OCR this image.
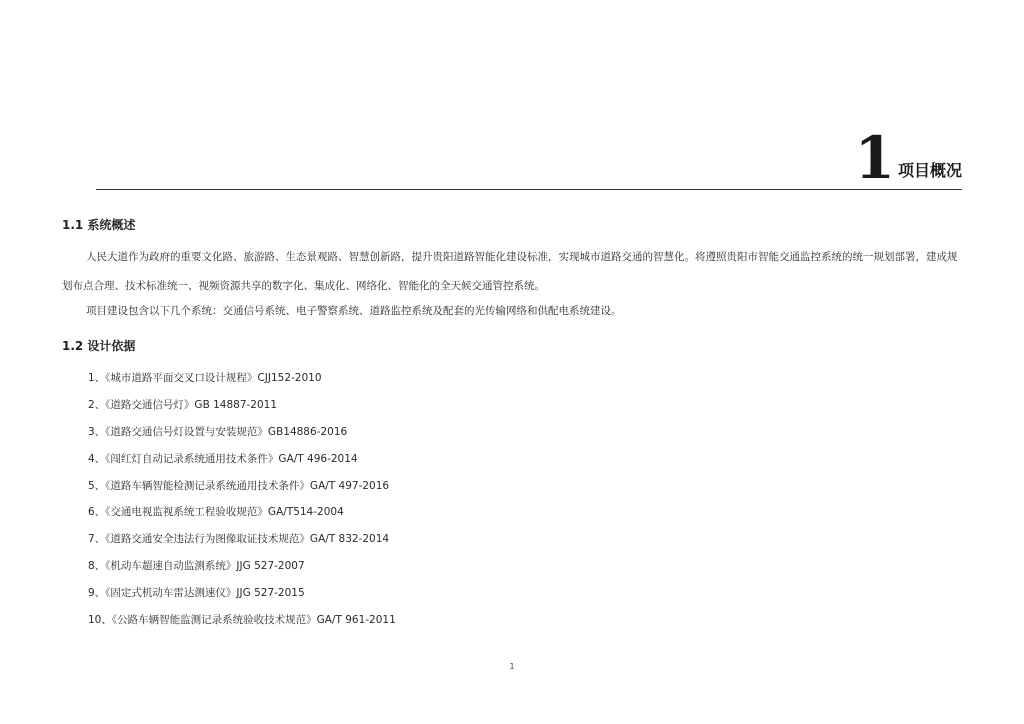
1 项目概况
1.1 系统概述

人民大道作为政府的重要文化路、旅游路、生态景观路、智慧创新路，提升贵阳道路智能化建设标准，实现城市道路交通的智慧化。将遵照贵阳市智能交通监控系统的统一规划部署，建成规划布点合理、技术标准统一、视频资源共享的数字化、集成化、网络化、智能化的全天候交通管控系统。

项目建设包含以下几个系统：交通信号系统、电子警察系统、道路监控系统及配套的光传输网络和供配电系统建设。

1.2 设计依据
1、《城市道路平面交叉口设计规程》CJJ152-2010
2、《道路交通信号灯》GB 14887-2011
3、《道路交通信号灯设置与安装规范》GB14886-2016
4、《闯红灯自动记录系统通用技术条件》GA/T 496-2014
5、《道路车辆智能检测记录系统通用技术条件》GA/T 497-2016
6、《交通电视监视系统工程验收规范》GA/T514-2004
7、《道路交通安全违法行为图像取证技术规范》GA/T 832-2014
8、《机动车超速自动监测系统》JJG 527-2007
9、《固定式机动车雷达测速仪》JJG 527-2015
10、《公路车辆智能监测记录系统验收技术规范》GA/T 961-2011
1
